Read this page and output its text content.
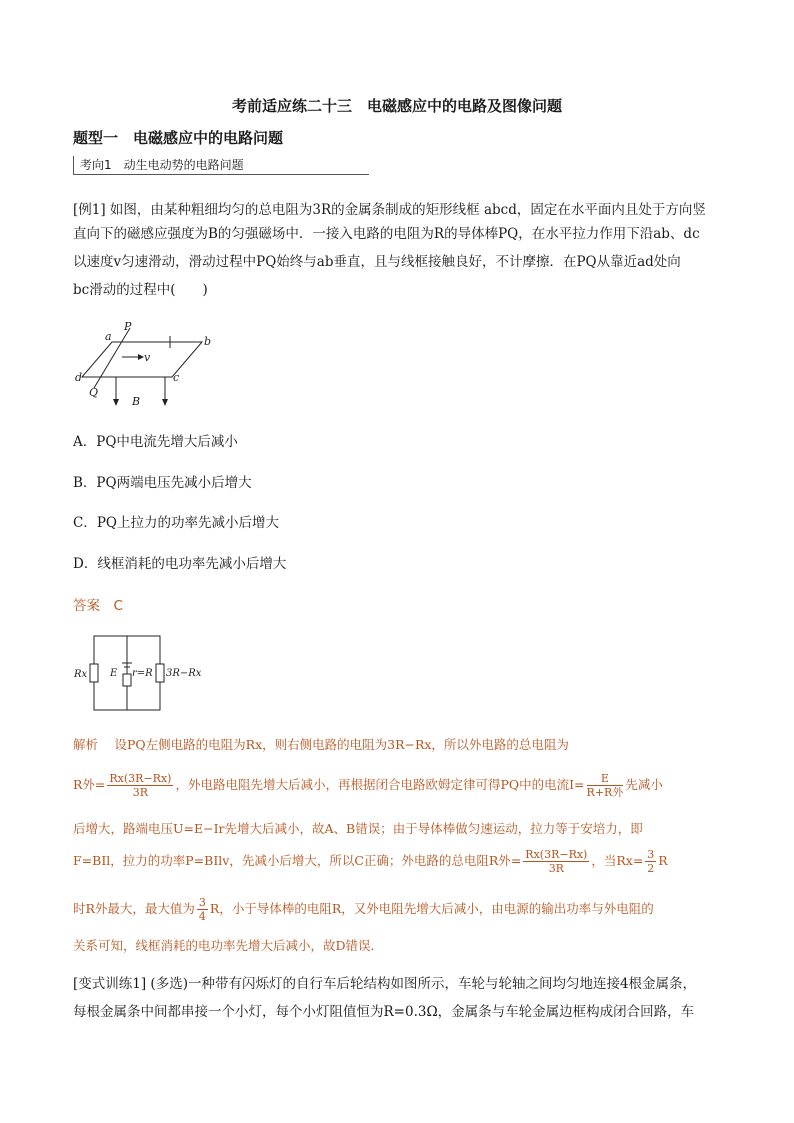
考前适应练二十三　电磁感应中的电路及图像问题
题型一　电磁感应中的电路问题
考向1　动生电动势的电路问题
[例1] 如图，由某种粗细均匀的总电阻为3R的金属条制成的矩形线框 abcd，固定在水平面内且处于方向竖
直向下的磁感应强度为B的匀强磁场中．一接入电路的电阻为R的导体棒PQ，在水平拉力作用下沿ab、dc
以速度v匀速滑动，滑动过程中PQ始终与ab垂直，且与线框接触良好，不计摩擦．在PQ从靠近ad处向
bc滑动的过程中(　　)
a	b
c
d
P
Q
v
B
A．PQ中电流先增大后减小
B．PQ两端电压先减小后增大
C．PQ上拉力的功率先减小后增大
D．线框消耗的电功率先减小后增大
答案　C
Rx E r=R 3R−Rx
解析 　 设PQ左侧电路的电阻为Rx，则右侧电路的电阻为3R−Rx，所以外电路的总电阻为
R外= $\frac{Rx(3R-Rx)}{3R}$ ，外电路电阻先增大后减小，再根据闭合电路欧姆定律可得PQ中的电流$I= \frac{E}{\text{R+R外}}$ 先减小
后增大，路端电压U=E−Ir先增大后减小，故A、B错误；由于导体棒做匀速运动，拉力等于安培力，即
F=BIl，拉力的功率P=BIlv，先减小后增大，所以C正确；外电路的总电阻R外= $\frac{Rx(3R-Rx)}{3R}$ ，当$Rx= \frac{3}{2}$ R
时R外最大，最大值为 $\frac{3}{4}$ R，小于导体棒的电阻R，又外电阻先增大后减小，由电源的输出功率与外电阻的
关系可知，线框消耗的电功率先增大后减小，故D错误．
[变式训练1] (多选)一种带有闪烁灯的自行车后轮结构如图所示，车轮与轮轴之间均匀地连接4根金属条，
每根金属条中间都串接一个小灯，每个小灯阻值恒为R=0.3Ω，金属条与车轮金属边框构成闭合回路，车
